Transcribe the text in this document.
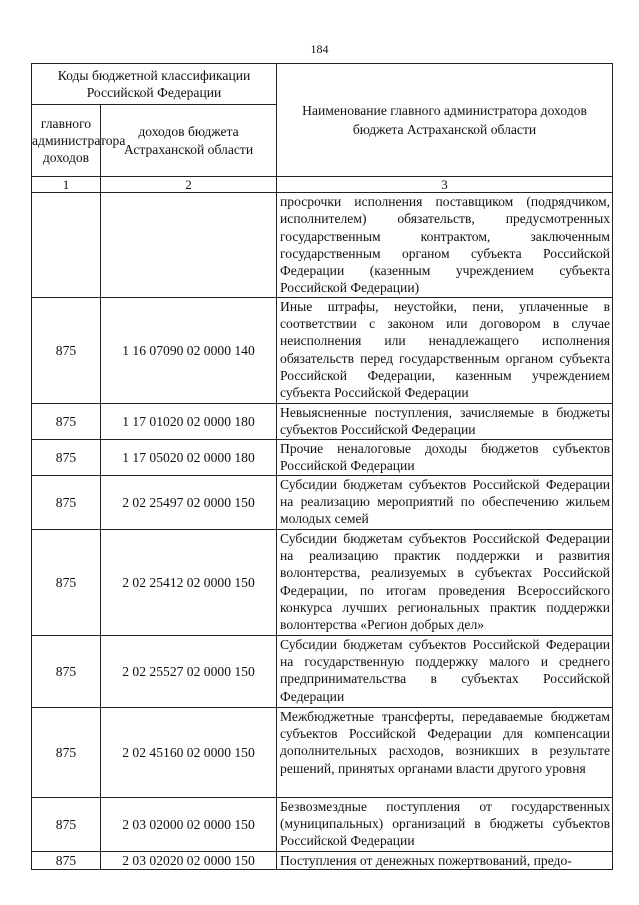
184
Коды бюджетной классификации Российской Федерации		Наименование главного администратора доходов бюджета Астраханской области
главного администратора доходов	доходов бюджета Астраханской области	
1	2	3
		просрочки исполнения поставщиком (подрядчиком, исполнителем) обязательств, предусмотренных государственным контрактом, заключенным государственным органом субъекта Российской Федерации (казенным учреждением субъекта Российской Федерации)
875	1 16 07090 02 0000 140	Иные штрафы, неустойки, пени, уплаченные в соответствии с законом или договором в случае неисполнения или ненадлежащего исполнения обязательств перед государственным органом субъекта Российской Федерации, казенным учреждением субъекта Российской Федерации
875	1 17 01020 02 0000 180	Невыясненные поступления, зачисляемые в бюджеты субъектов Российской Федерации
875	1 17 05020 02 0000 180	Прочие неналоговые доходы бюджетов субъектов Российской Федерации
875	2 02 25497 02 0000 150	Субсидии бюджетам субъектов Российской Федерации на реализацию мероприятий по обеспечению жильем молодых семей
875	2 02 25412 02 0000 150	Субсидии бюджетам субъектов Российской Федерации на реализацию практик поддержки и развития волонтерства, реализуемых в субъектах Российской Федерации, по итогам проведения Всероссийского конкурса лучших региональных практик поддержки волонтерства «Регион добрых дел»
875	2 02 25527 02 0000 150	Субсидии бюджетам субъектов Российской Федерации на государственную поддержку малого и среднего предпринимательства в субъектах Российской Федерации
875	2 02 45160 02 0000 150	Межбюджетные трансферты, передаваемые бюджетам субъектов Российской Федерации для компенсации дополнительных расходов, возникших в результате решений, принятых органами власти другого уровня
875	2 03 02000 02 0000 150	Безвозмездные поступления от государственных (муниципальных) организаций в бюджеты субъектов Российской Федерации
875	2 03 02020 02 0000 150	Поступления от денежных пожертвований, предо-
